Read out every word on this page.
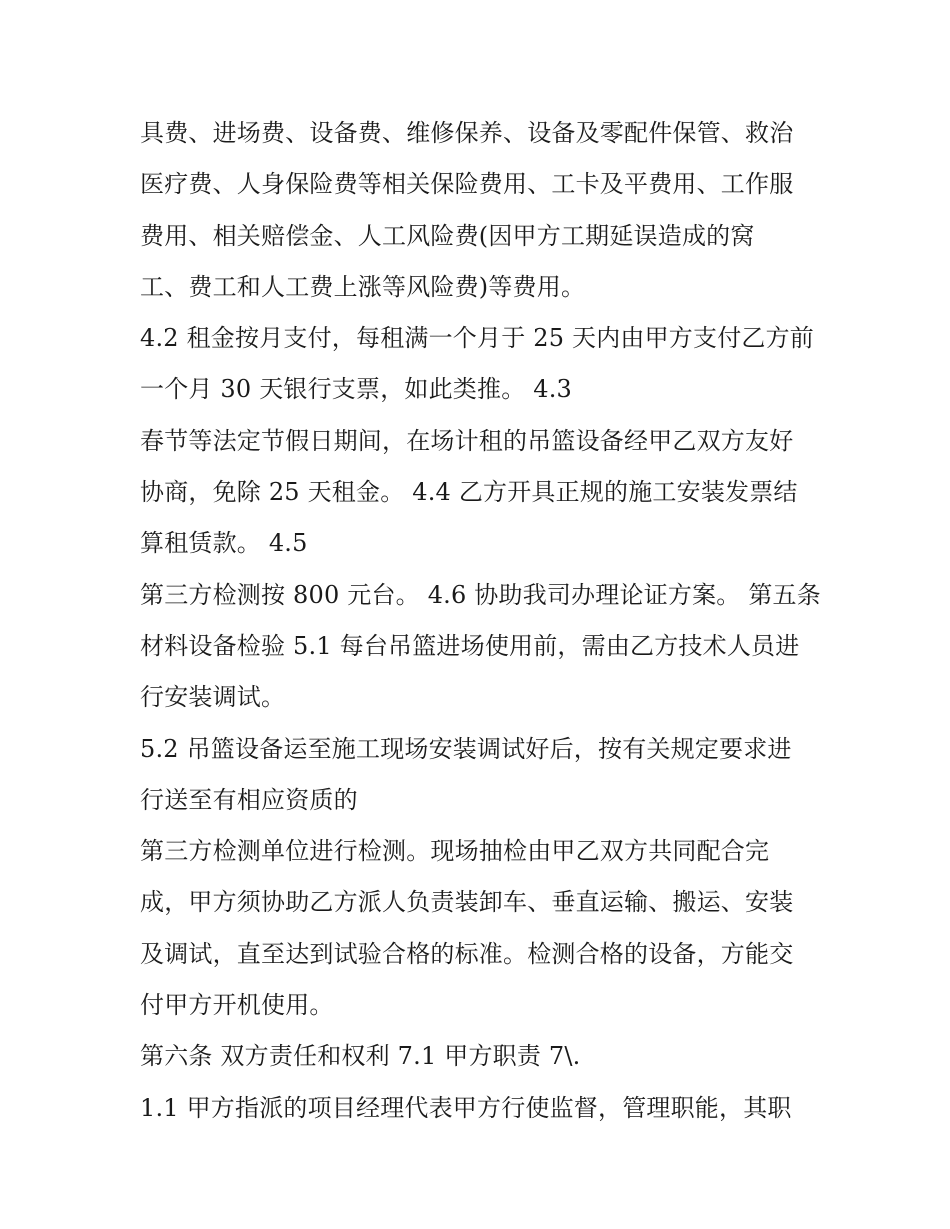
具费、进场费、设备费、维修保养、设备及零配件保管、救治
医疗费、人身保险费等相关保险费用、工卡及平费用、工作服
费用、相关赔偿金、人工风险费(因甲方工期延误造成的窝
工、费工和人工费上涨等风险费)等费用。
4.2 租金按月支付，每租满一个月于 25 天内由甲方支付乙方前
一个月 30 天银行支票，如此类推。 4.3
春节等法定节假日期间，在场计租的吊篮设备经甲乙双方友好
协商，免除 25 天租金。 4.4 乙方开具正规的施工安装发票结
算租赁款。 4.5
第三方检测按 800 元台。 4.6 协助我司办理论证方案。 第五条
材料设备检验 5.1 每台吊篮进场使用前，需由乙方技术人员进
行安装调试。
5.2 吊篮设备运至施工现场安装调试好后，按有关规定要求进
行送至有相应资质的
第三方检测单位进行检测。现场抽检由甲乙双方共同配合完
成，甲方须协助乙方派人负责装卸车、垂直运输、搬运、安装
及调试，直至达到试验合格的标准。检测合格的设备，方能交
付甲方开机使用。
第六条 双方责任和权利 7.1 甲方职责 7\.
1.1 甲方指派的项目经理代表甲方行使监督，管理职能，其职
